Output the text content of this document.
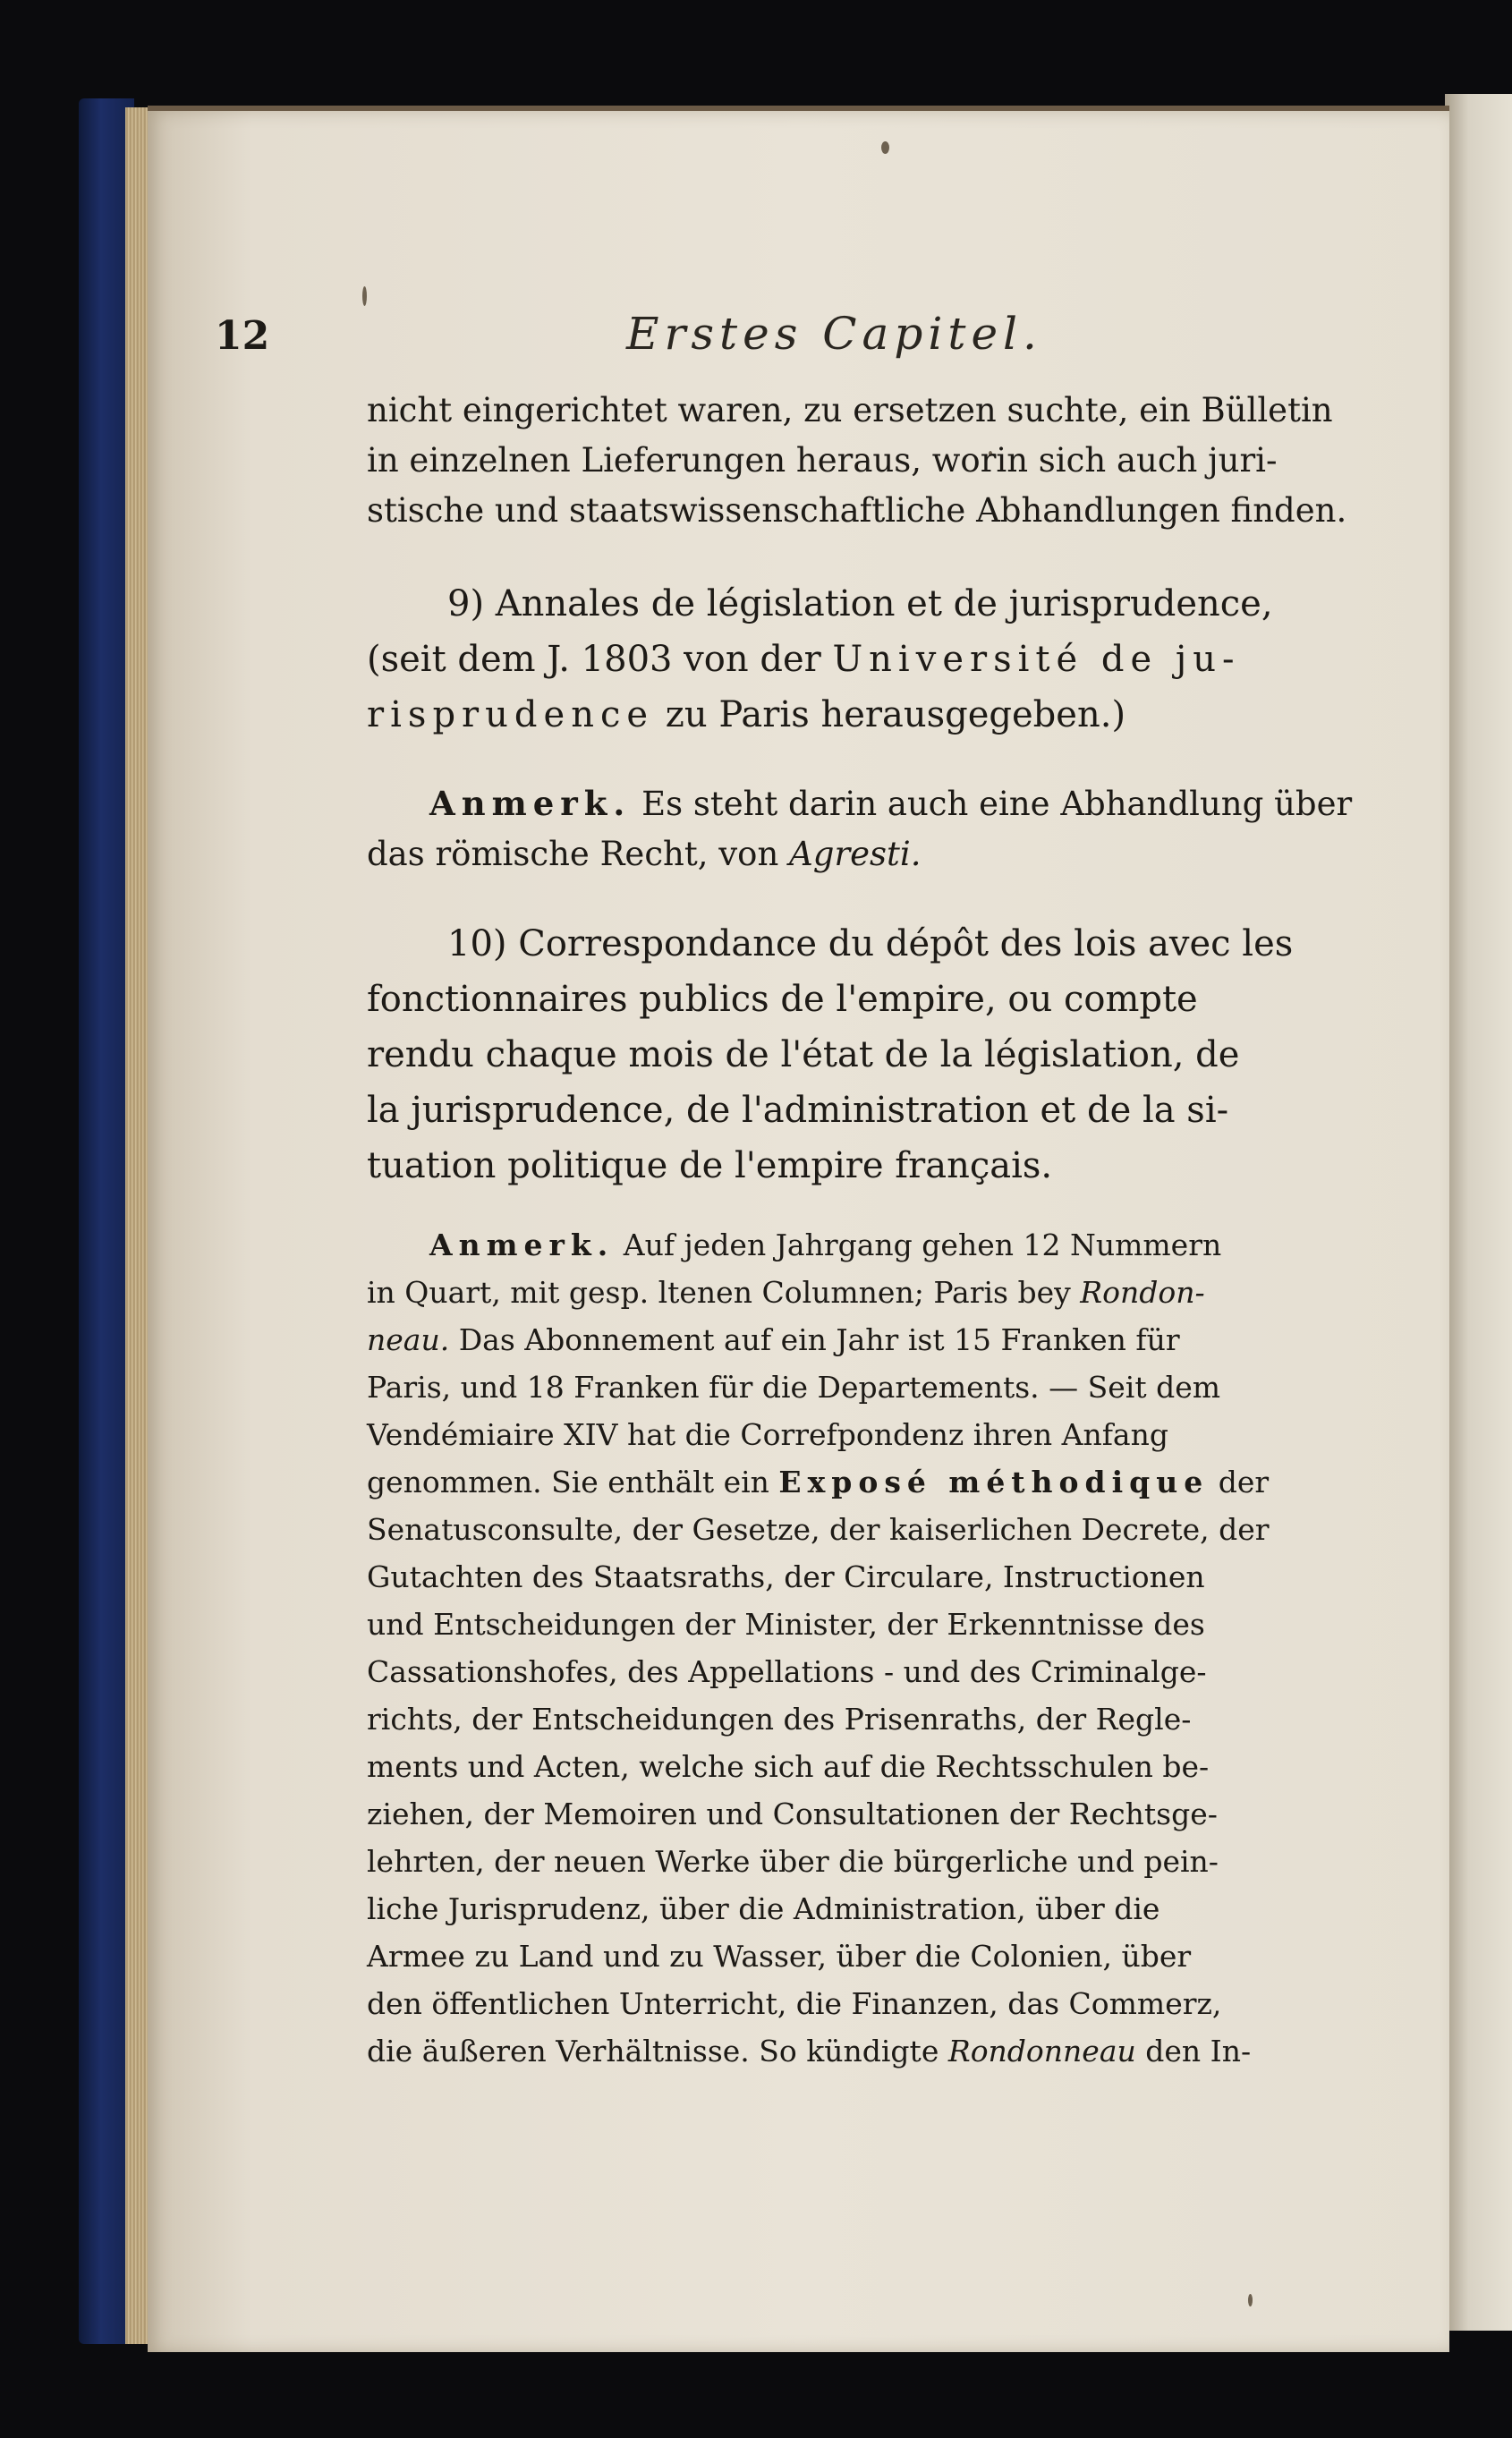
12	Erstes Capitel.
nicht eingerichtet waren, zu ersetzen suchte, ein Bülletin
in einzelnen Lieferungen heraus, worin sich auch juri-
stische und staatswissenschaftliche Abhandlungen finden.
9) Annales de législation et de jurisprudence,
(seit dem J. 1803 von der Université de ju-
risprudence zu Paris herausgegeben.)
Anmerk. Es steht darin auch eine Abhandlung über
das römische Recht, von Agresti.
10) Correspondance du dépôt des lois avec les
fonctionnaires publics de l'empire, ou compte
rendu chaque mois de l'état de la législation, de
la jurisprudence, de l'administration et de la si-
tuation politique de l'empire français.
Anmerk. Auf jeden Jahrgang gehen 12 Nummern
in Quart, mit gesp. ltenen Columnen; Paris bey Rondon-
neau. Das Abonnement auf ein Jahr ist 15 Franken für
Paris, und 18 Franken für die Departements. — Seit dem
Vendémiaire XIV hat die Correfpondenz ihren Anfang
genommen. Sie enthält ein Exposé méthodique der
Senatusconsulte, der Gesetze, der kaiserlichen Decrete, der
Gutachten des Staatsraths, der Circulare, Instructionen
und Entscheidungen der Minister, der Erkenntnisse des
Cassationshofes, des Appellations - und des Criminalge-
richts, der Entscheidungen des Prisenraths, der Regle-
ments und Acten, welche sich auf die Rechtsschulen be-
ziehen, der Memoiren und Consultationen der Rechtsge-
lehrten, der neuen Werke über die bürgerliche und pein-
liche Jurisprudenz, über die Administration, über die
Armee zu Land und zu Wasser, über die Colonien, über
den öffentlichen Unterricht, die Finanzen, das Commerz,
die äußeren Verhältnisse. So kündigte Rondonneau den In-
